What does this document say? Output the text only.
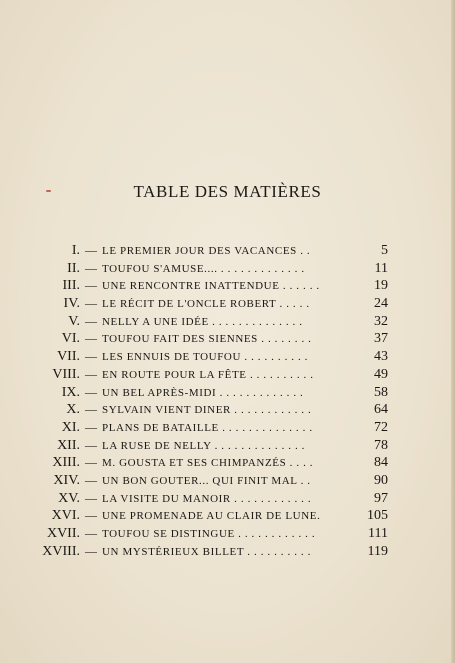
TABLE DES MATIÈRES
I. — LE PREMIER JOUR DES VACANCES . .	5
II. — TOUFOU S'AMUSE.... . . . . . . . . . . . . .	11
III. — UNE RENCONTRE INATTENDUE . . . . . .	19
IV. — LE RÉCIT DE L'ONCLE ROBERT . . . . .	24
V. — NELLY A UNE IDÉE . . . . . . . . . . . . . .	32
VI. — TOUFOU FAIT DES SIENNES . . . . . . . .	37
VII. — LES ENNUIS DE TOUFOU . . . . . . . . . .	43
VIII. — EN ROUTE POUR LA FÊTE . . . . . . . . . .	49
IX. — UN BEL APRÈS-MIDI . . . . . . . . . . . . .	58
X. — SYLVAIN VIENT DINER . . . . . . . . . . . .	64
XI. — PLANS DE BATAILLE . . . . . . . . . . . . . .	72
XII. — LA RUSE DE NELLY . . . . . . . . . . . . . .	78
XIII. — M. GOUSTA ET SES CHIMPANZÉS . . . .	84
XIV. — UN BON GOUTER... QUI FINIT MAL . .	90
XV. — LA VISITE DU MANOIR . . . . . . . . . . . .	97
XVI. — UNE PROMENADE AU CLAIR DE LUNE.	105
XVII. — TOUFOU SE DISTINGUE . . . . . . . . . . . .	111
XVIII. — UN MYSTÉRIEUX BILLET . . . . . . . . . .	119
